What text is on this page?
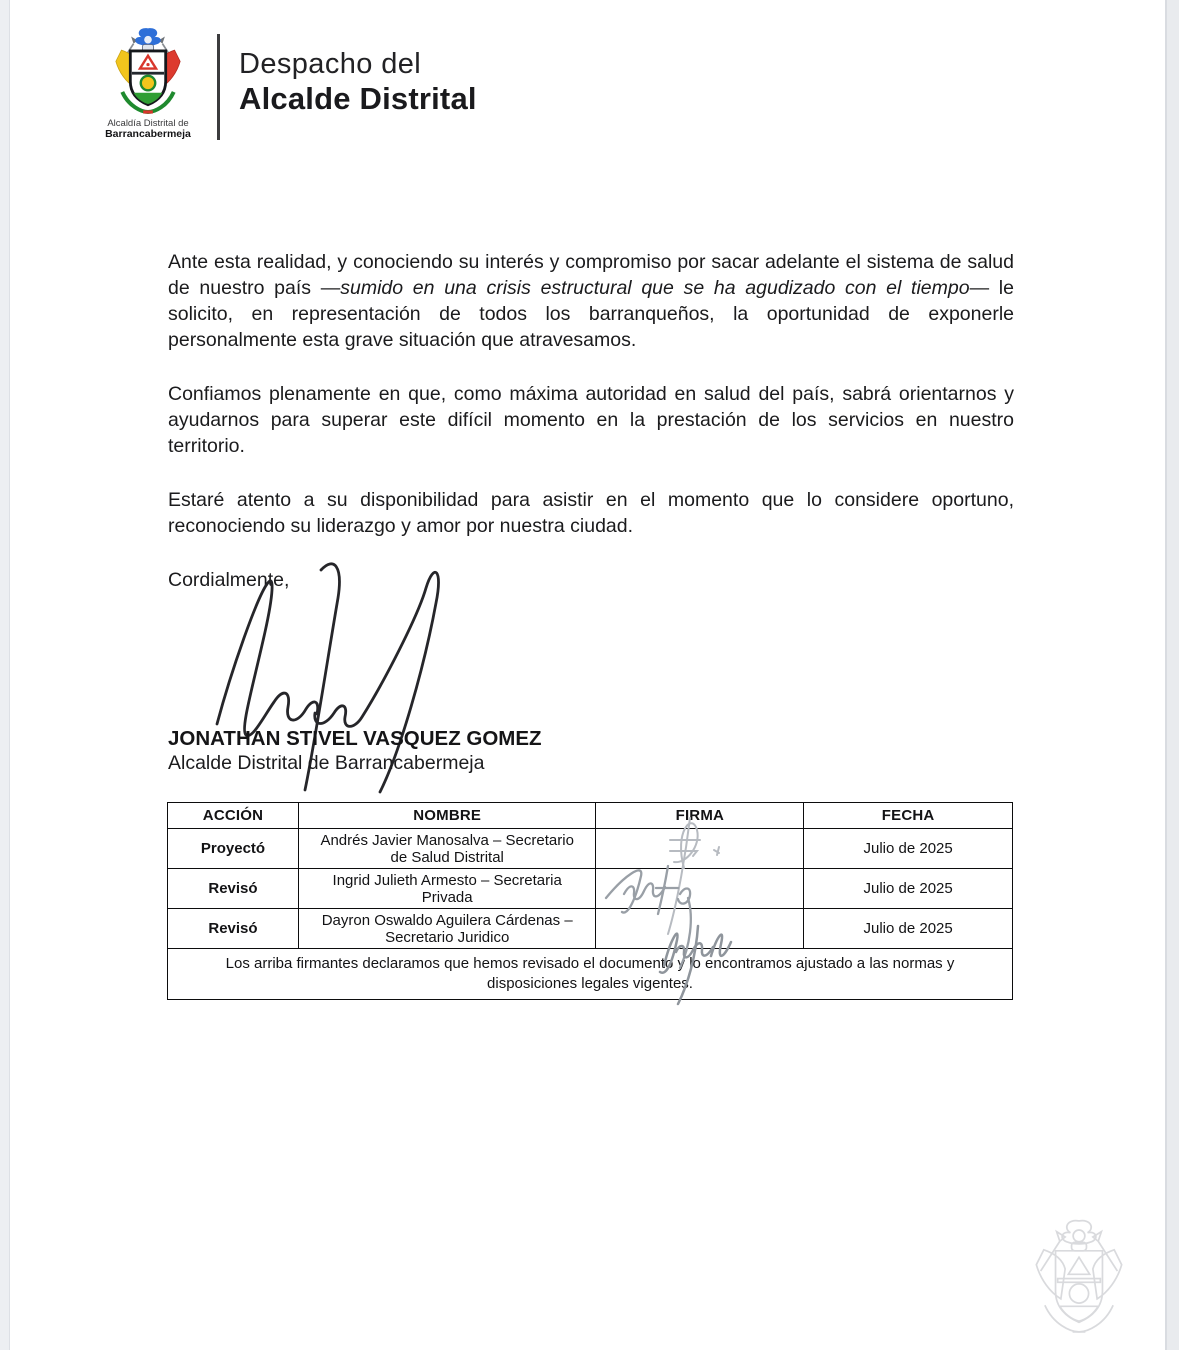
Alcaldía Distrital de
Barrancabermeja
Despacho del
Alcalde Distrital

Ante esta realidad, y conociendo su interés y compromiso por sacar adelante el sistema de salud de nuestro país —sumido en una crisis estructural que se ha agudizado con el tiempo— le solicito, en representación de todos los barranqueños, la oportunidad de exponerle personalmente esta grave situación que atravesamos.

Confiamos plenamente en que, como máxima autoridad en salud del país, sabrá orientarnos y ayudarnos para superar este difícil momento en la prestación de los servicios en nuestro territorio.

Estaré atento a su disponibilidad para asistir en el momento que lo considere oportuno, reconociendo su liderazgo y amor por nuestra ciudad.

Cordialmente,

JONATHAN STIVEL VASQUEZ GOMEZ
Alcalde Distrital de Barrancabermeja
ACCIÓN	NOMBRE	FIRMA	FECHA
Proyectó	Andrés Javier Manosalva – Secretario de Salud Distrital		Julio de 2025
Revisó	Ingrid Julieth Armesto – Secretaria Privada		Julio de 2025
Revisó	Dayron Oswaldo Aguilera Cárdenas – Secretario Juridico		Julio de 2025
Los arriba firmantes declaramos que hemos revisado el documento y lo encontramos ajustado a las normas y disposiciones legales vigentes.			
